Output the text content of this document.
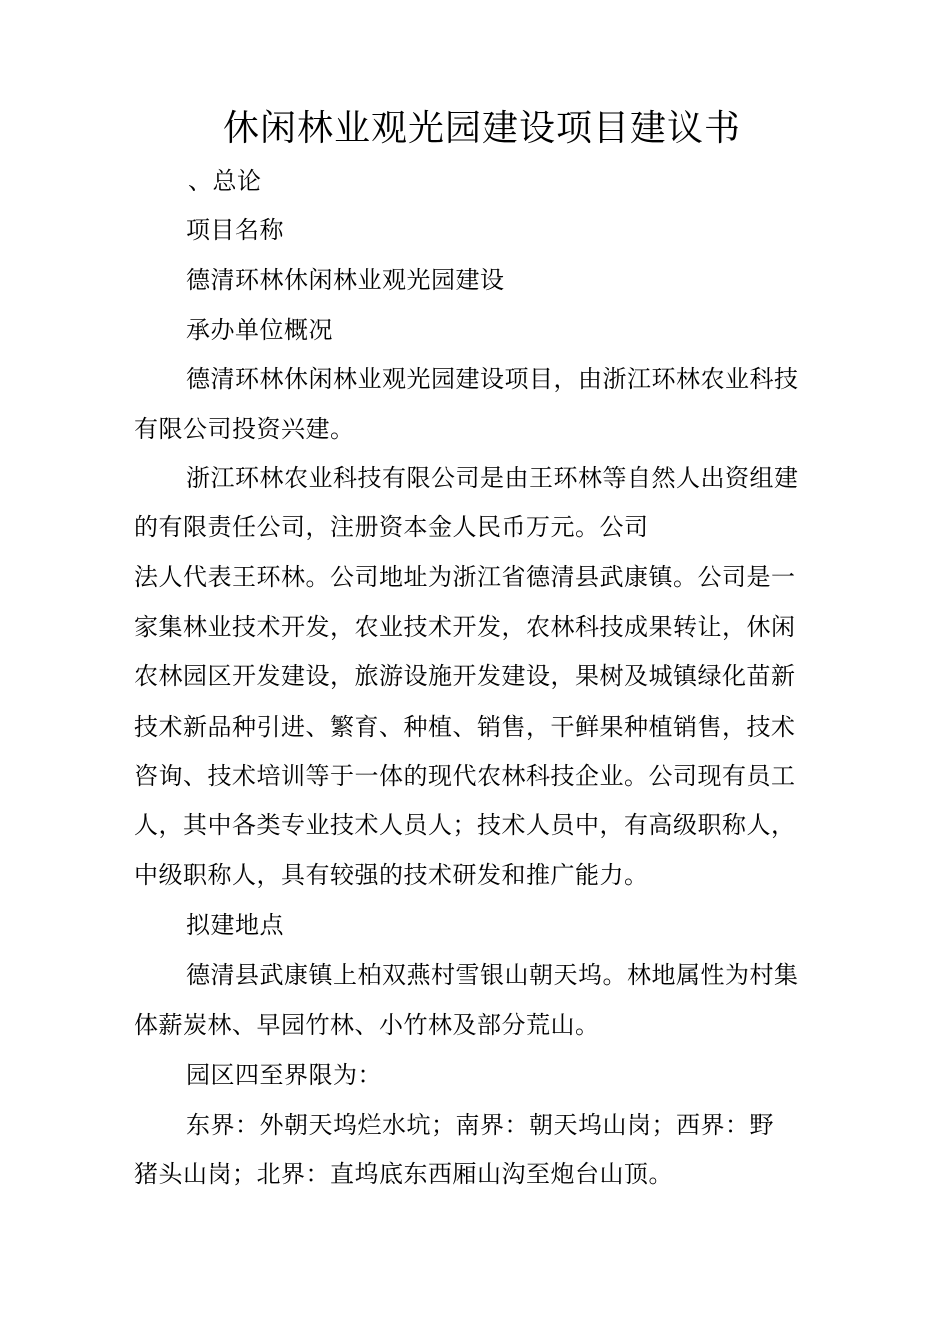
休闲林业观光园建设项目建议书
、总论
项目名称
德清环林休闲林业观光园建设
承办单位概况
德清环林休闲林业观光园建设项目，由浙江环林农业科技
有限公司投资兴建。
浙江环林农业科技有限公司是由王环林等自然人出资组建
的有限责任公司，注册资本金人民币万元。公司
法人代表王环林。公司地址为浙江省德清县武康镇。公司是一
家集林业技术开发，农业技术开发，农林科技成果转让，休闲
农林园区开发建设，旅游设施开发建设，果树及城镇绿化苗新
技术新品种引进、繁育、种植、销售，干鲜果种植销售，技术
咨询、技术培训等于一体的现代农林科技企业。公司现有员工
人，其中各类专业技术人员人；技术人员中，有高级职称人，
中级职称人，具有较强的技术研发和推广能力。
拟建地点
德清县武康镇上柏双燕村雪银山朝天坞。林地属性为村集
体薪炭林、早园竹林、小竹林及部分荒山。
园区四至界限为：
东界：外朝天坞烂水坑；南界：朝天坞山岗；西界：野
猪头山岗；北界：直坞底东西厢山沟至炮台山顶。
